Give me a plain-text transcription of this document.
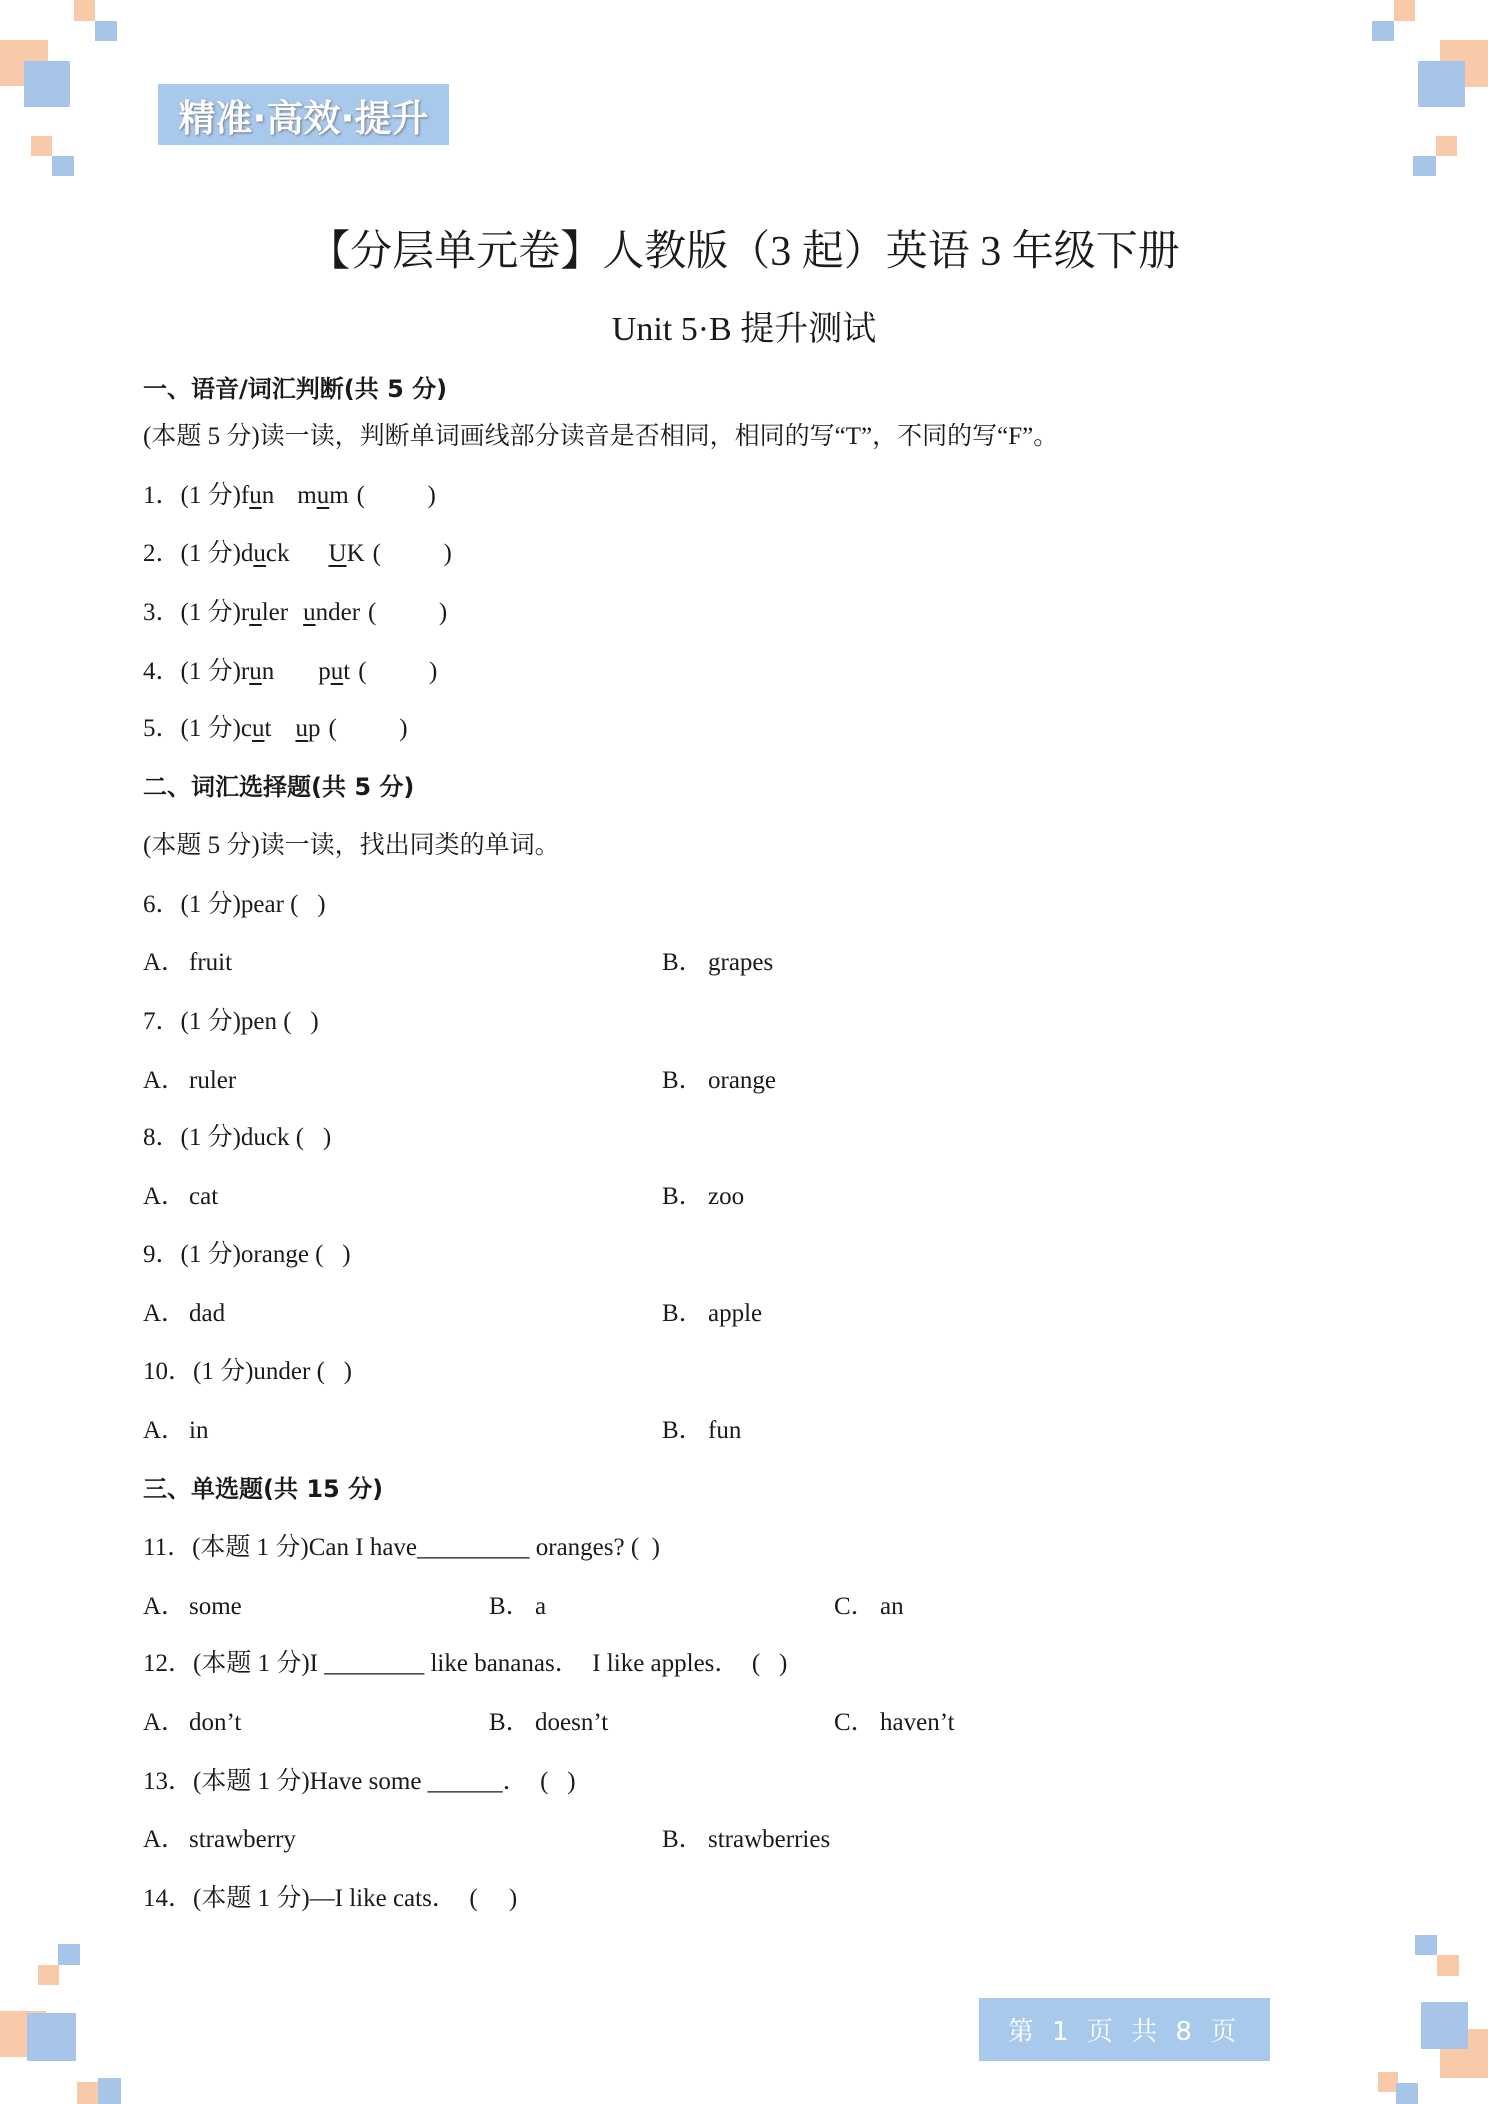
精准·高效·提升
【分层单元卷】人教版（3 起）英语 3 年级下册
Unit 5·B 提升测试
一、语音/词汇判断(共 5 分)
(本题 5 分)读一读，判断单词画线部分读音是否相同，相同的写“T”，不同的写“F”。
1．(1 分) fun mum (          )
2．(1 分) duck UK (          )
3．(1 分) ruler under (          )
4．(1 分) run put (          )
5．(1 分) cut up (          )
二、词汇选择题(共 5 分)
(本题 5 分)读一读，找出同类的单词。
6．(1 分)pear (   )
A． fruit	B． grapes
7．(1 分)pen (   )
A． ruler	B． orange
8．(1 分)duck (   )
A． cat	B． zoo
9．(1 分)orange (   )
A． dad	B． apple
10．(1 分)under (   )
A． in	B． fun
三、单选题(共 15 分)
11．(本题 1 分)Can I have_________ oranges? (  )
A． some	B． a	C． an
12．(本题 1 分)I ________ like bananas．  I like apples．  (   )
A． don’t	B． doesn’t	C． haven’t
13．(本题 1 分)Have some ______．  (   )
A． strawberry	B． strawberries
14．(本题 1 分)—I like cats．  (     )
第 1 页 共 8 页
